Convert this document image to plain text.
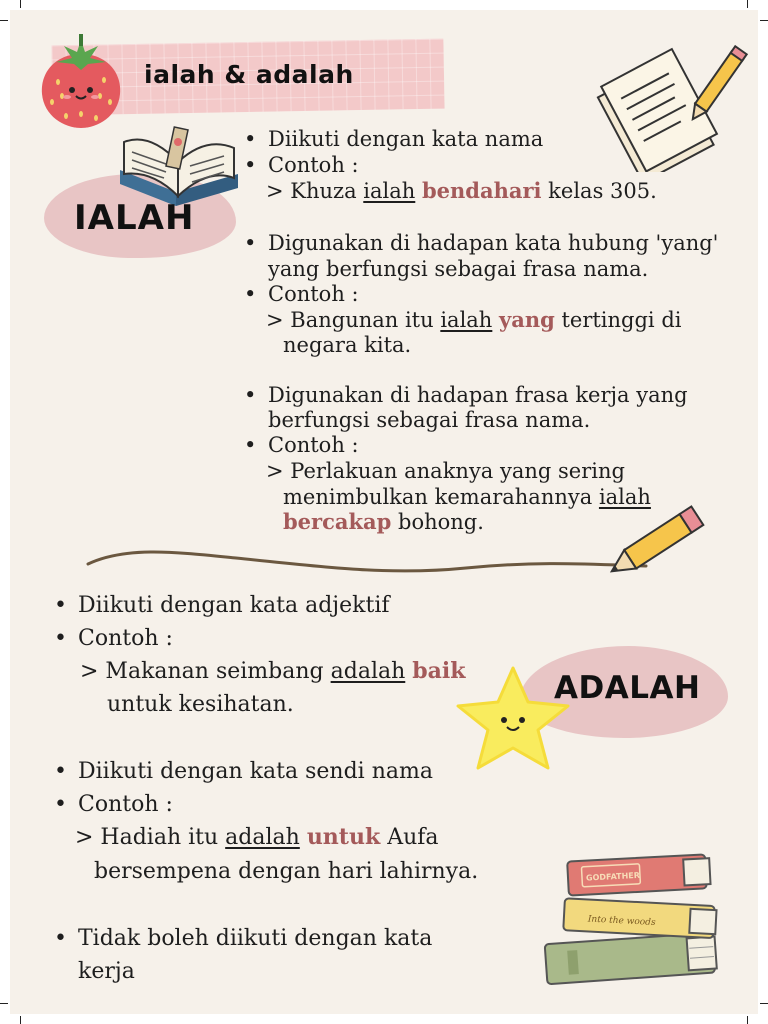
ialah & adalah
IALAH
• Diikuti dengan kata nama
• Contoh :
> Khuza ialah bendahari kelas 305.
• Digunakan di hadapan kata hubung 'yang'
yang berfungsi sebagai frasa nama.
• Contoh :
> Bangunan itu ialah yang tertinggi di
negara kita.
• Digunakan di hadapan frasa kerja yang
berfungsi sebagai frasa nama.
• Contoh :
> Perlakuan anaknya yang sering
menimbulkan kemarahannya ialah
bercakap bohong.
ADALAH
• Diikuti dengan kata adjektif
• Contoh :
> Makanan seimbang adalah baik
untuk kesihatan.
• Diikuti dengan kata sendi nama
• Contoh :
> Hadiah itu adalah untuk Aufa
bersempena dengan hari lahirnya.
• Tidak boleh diikuti dengan kata
kerja
Into the woods
GODFATHER
